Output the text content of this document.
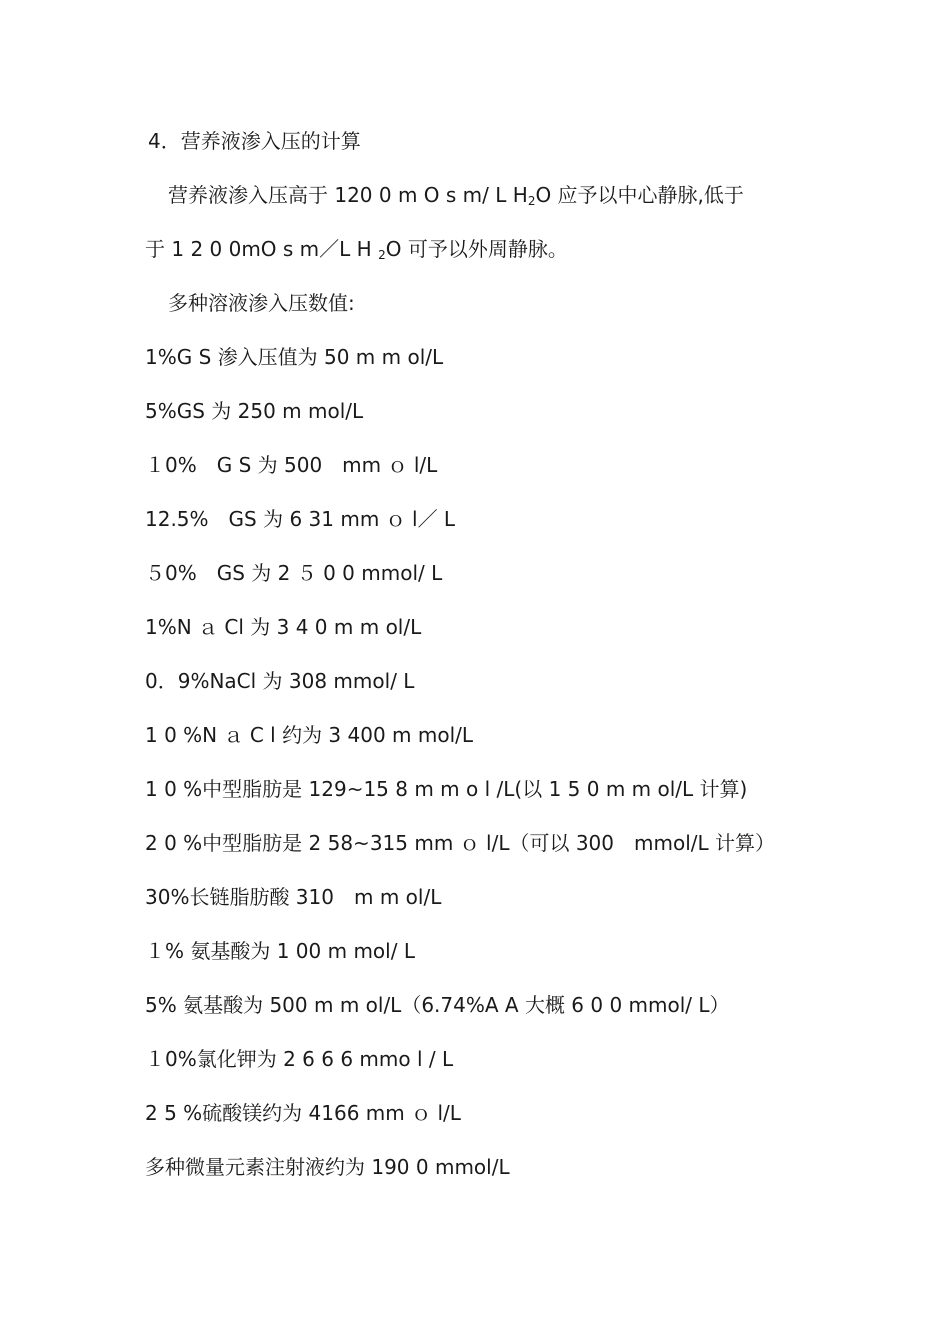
4．营养液渗入压的计算

营养液渗入压高于 120 0 m O s m/ L $H_2O$ 应予以中心静脉,低于

于 1 2 0 0mO s m／L H $_2$O 可予以外周静脉。

多种溶液渗入压数值:

1%G S 渗入压值为 50 m m ol/L

5%GS 为 250 m mol/L

１0%　G S 为 500　mm ｏ l/L

12.5%　GS 为 6 31 mm ｏ l／ L

５0%　GS 为 2 ５ 0 0 mmol/ L

1%N ａ Cl 为 3 4 0 m m ol/L

0．9%NaCl 为 308 mmol/ L

1 0 %N ａ C l 约为 3 400 m mol/L

1 0 %中型脂肪是 129~15 8 m m o l /L(以 1 5 0 m m ol/L 计算)

2 0 %中型脂肪是 2 58~315 mm ｏ l/L（可以 300　mmol/L 计算）

30%长链脂肪酸 310　m m ol/L

１% 氨基酸为 1 00 m mol/ L

5% 氨基酸为 500 m m ol/L（6.74%A A 大概 6 0 0 mmol/ L）

１0%氯化钾为 2 6 6 6 mmo l / L

2 5 %硫酸镁约为 4166 mm ｏ l/L

多种微量元素注射液约为 190 0 mmol/L
